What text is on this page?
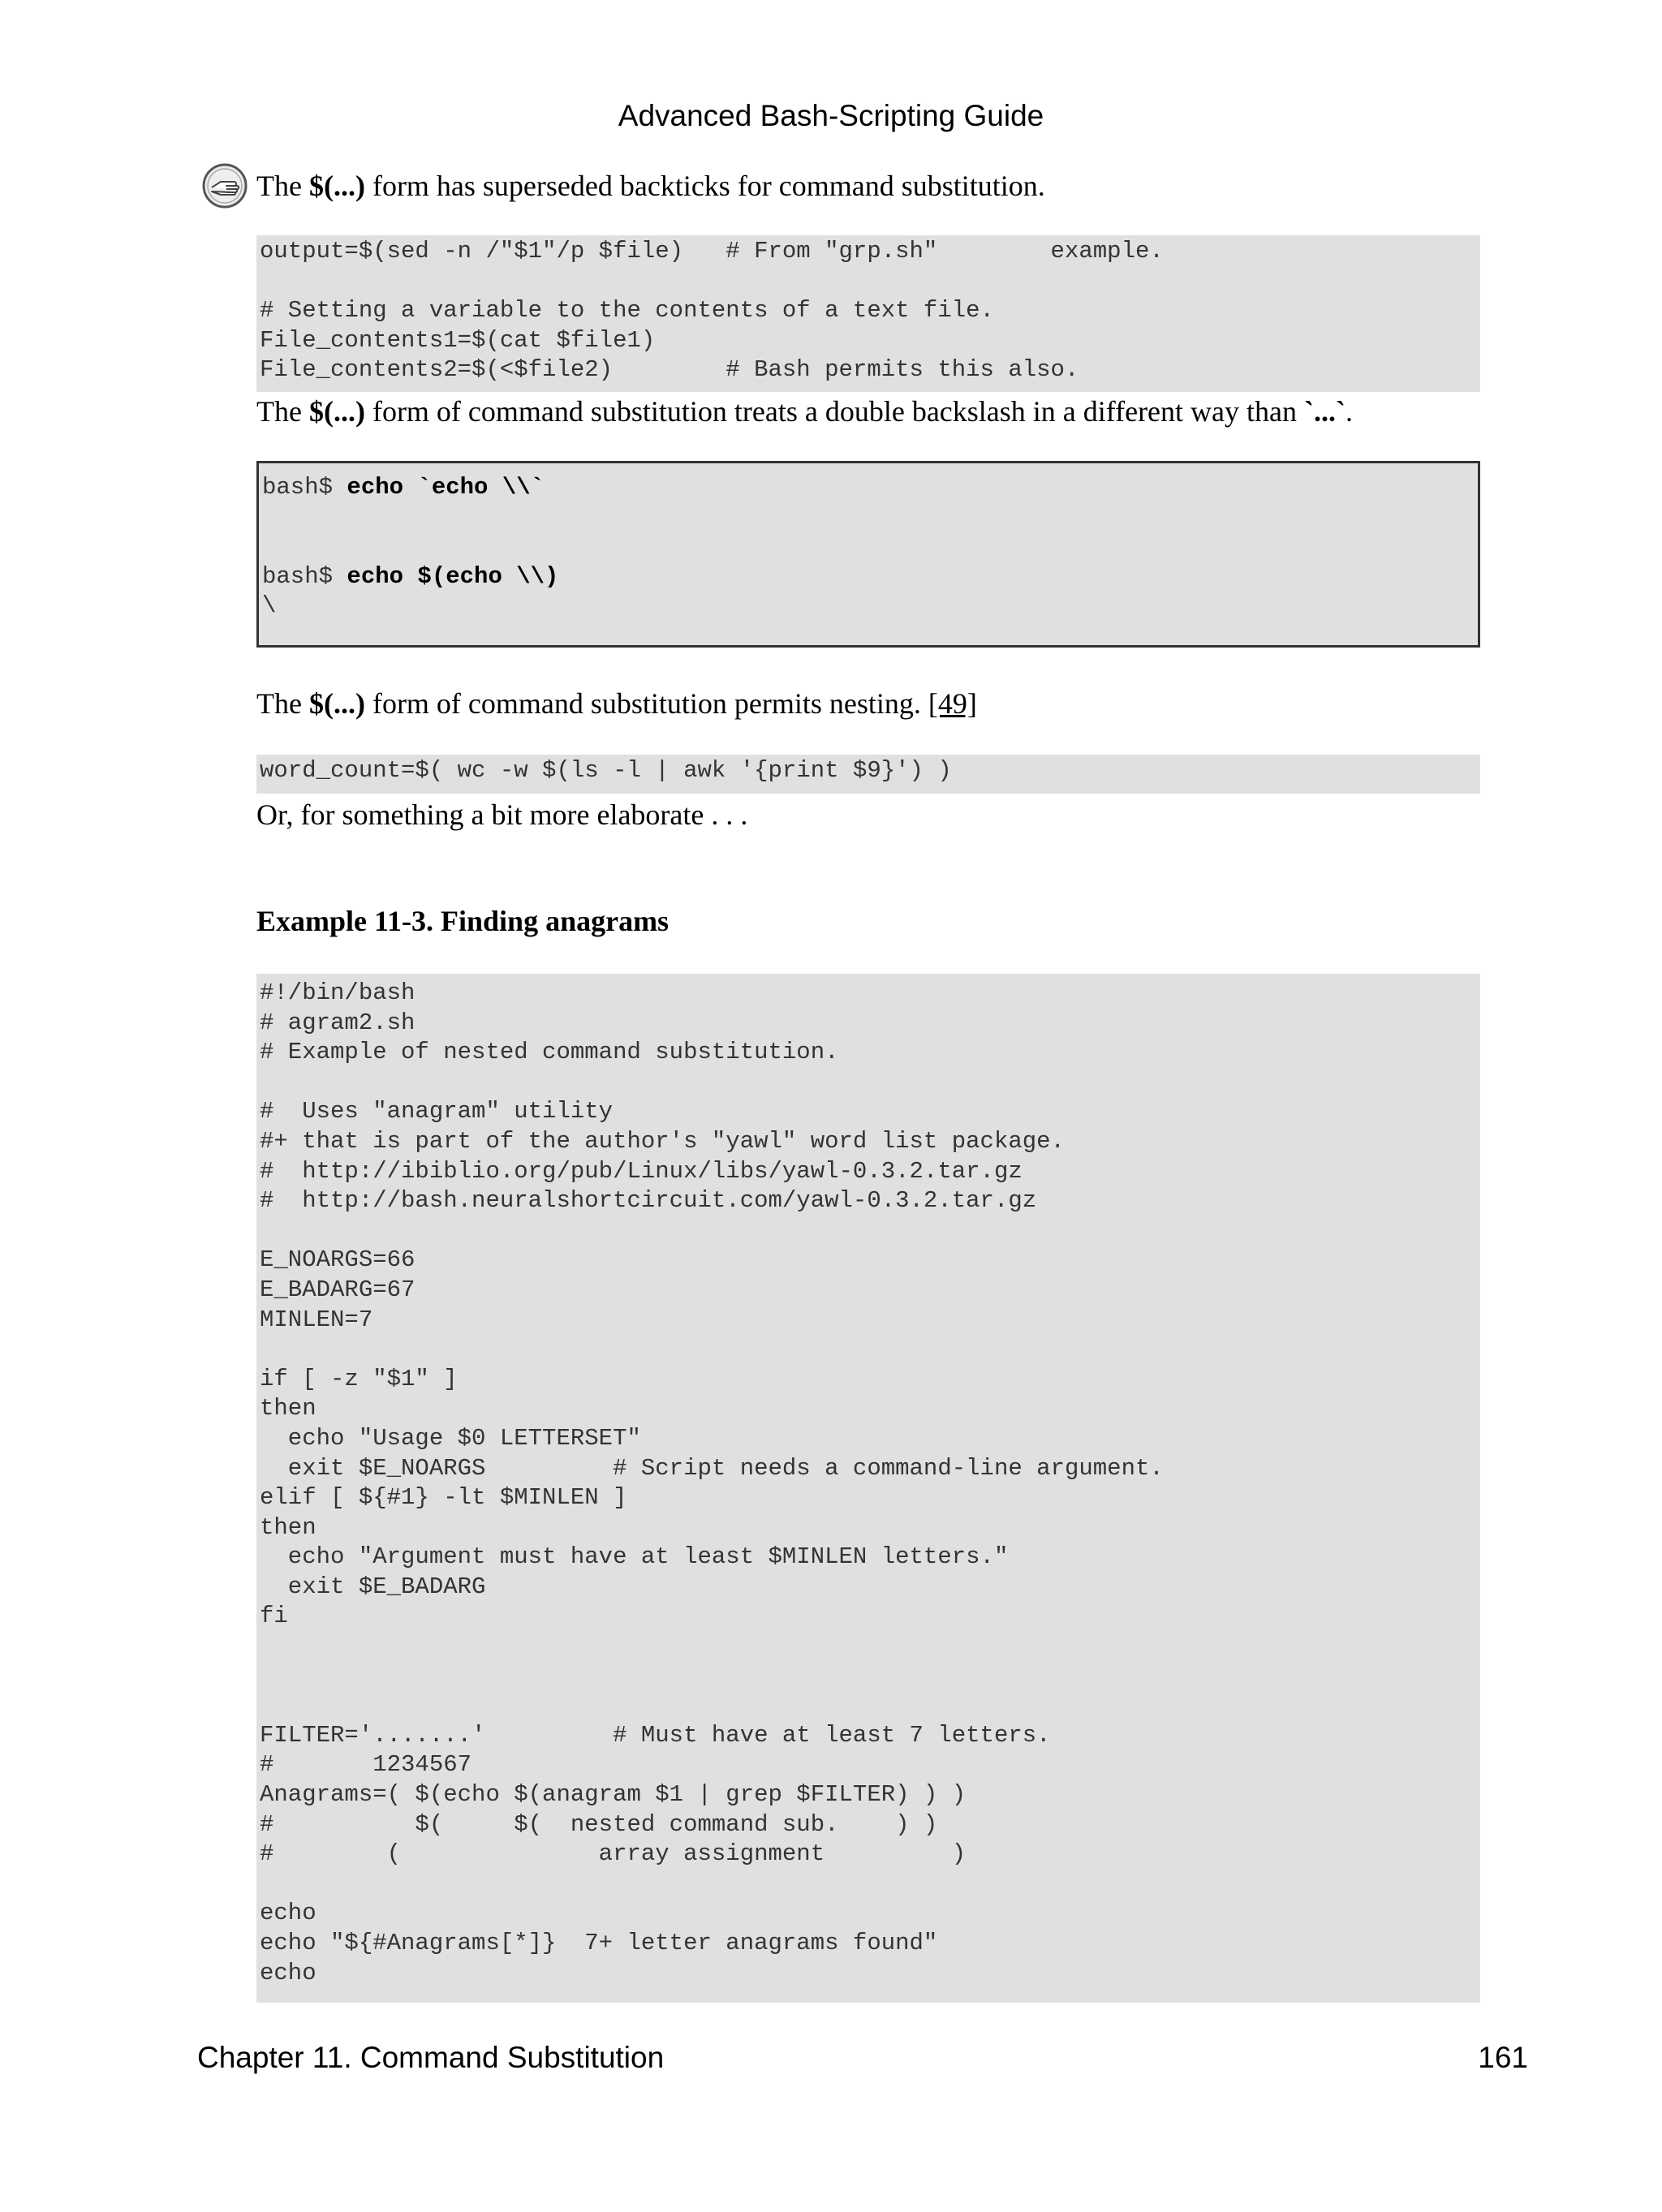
Advanced Bash-Scripting Guide
The $(...) form has superseded backticks for command substitution.
output=$(sed -n /"$1"/p $file)   # From "grp.sh"        example.

# Setting a variable to the contents of a text file.
File_contents1=$(cat $file1)
File_contents2=$(<$file2)        # Bash permits this also.
The $(...) form of command substitution treats a double backslash in a different way than `...`.
bash$ echo `echo \\`

bash$ echo $(echo \\)
\
The $(...) form of command substitution permits nesting. [49]
word_count=$( wc -w $(ls -l | awk '{print $9}') )
Or, for something a bit more elaborate . . .
Example 11-3. Finding anagrams
#!/bin/bash
# agram2.sh
# Example of nested command substitution.

#  Uses "anagram" utility
#+ that is part of the author's "yawl" word list package.
#  http://ibiblio.org/pub/Linux/libs/yawl-0.3.2.tar.gz
#  http://bash.neuralshortcircuit.com/yawl-0.3.2.tar.gz

E_NOARGS=66
E_BADARG=67
MINLEN=7

if [ -z "$1" ]
then
echo "Usage $0 LETTERSET"
exit $E_NOARGS         # Script needs a command-line argument.
elif [ ${#1} -lt $MINLEN ]
then
echo "Argument must have at least $MINLEN letters."
exit $E_BADARG
fi

FILTER='.......'         # Must have at least 7 letters.
#       1234567
Anagrams=( $(echo $(anagram $1 | grep $FILTER) ) )
#          $(     $(  nested command sub.    ) )
#        (              array assignment         )

echo
echo "${#Anagrams[*]}  7+ letter anagrams found"
echo
Chapter 11. Command Substitution	161
